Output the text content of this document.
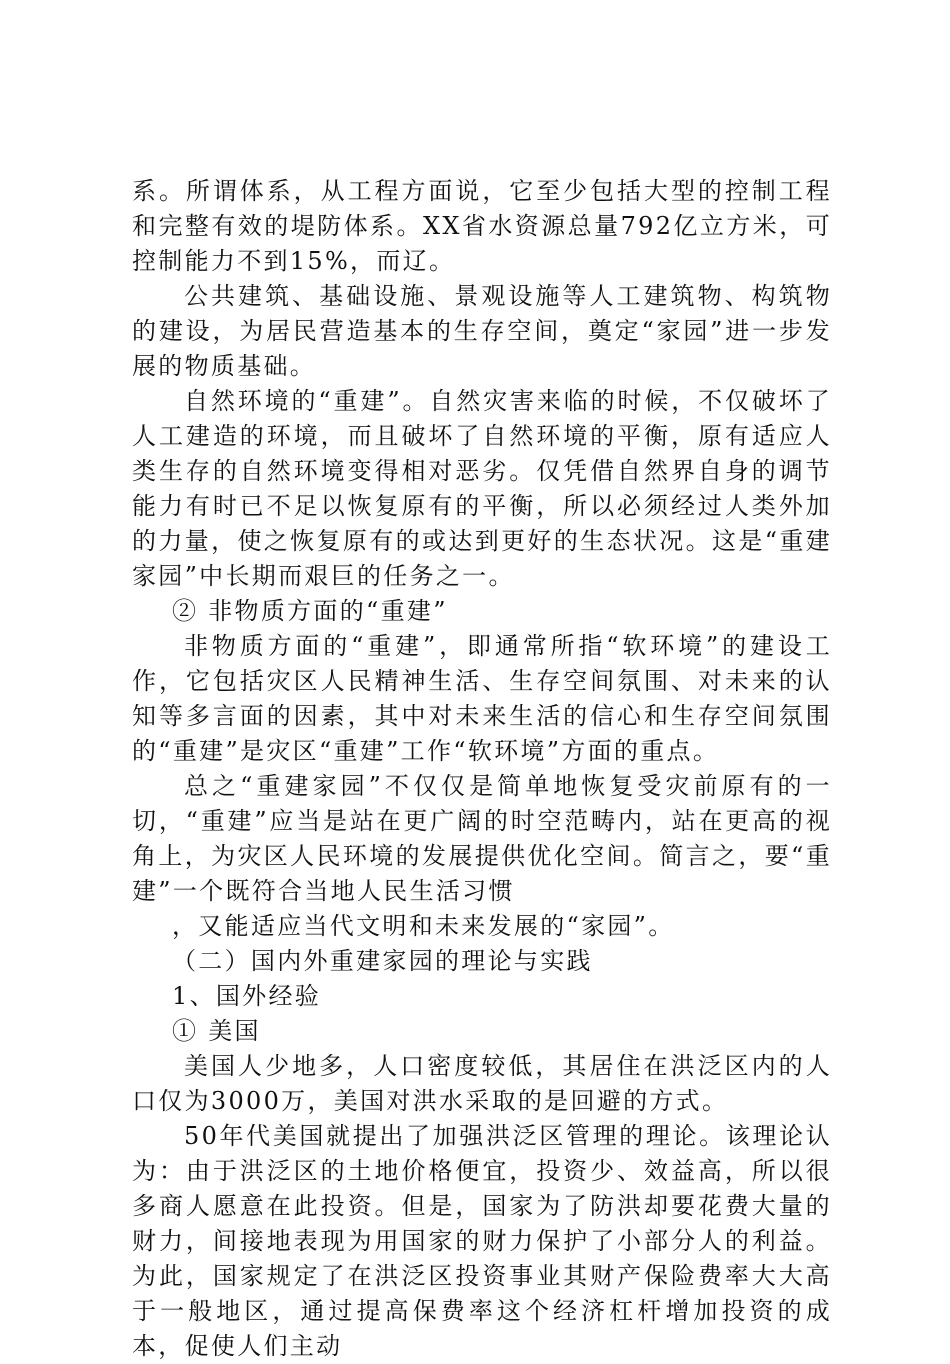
系。所谓体系，从工程方面说，它至少包括大型的控制工程和完整有效的堤防体系。XX省水资源总量792亿立方米，可控制能力不到15%，而辽。

公共建筑、基础设施、景观设施等人工建筑物、构筑物的建设，为居民营造基本的生存空间，奠定“家园”进一步发展的物质基础。

自然环境的“重建”。自然灾害来临的时候，不仅破坏了人工建造的环境，而且破坏了自然环境的平衡，原有适应人类生存的自然环境变得相对恶劣。仅凭借自然界自身的调节能力有时已不足以恢复原有的平衡，所以必须经过人类外加的力量，使之恢复原有的或达到更好的生态状况。这是“重建家园”中长期而艰巨的任务之一。

② 非物质方面的“重建”

非物质方面的“重建”，即通常所指“软环境”的建设工作，它包括灾区人民精神生活、生存空间氛围、对未来的认知等多言面的因素，其中对未来生活的信心和生存空间氛围的“重建”是灾区“重建”工作“软环境”方面的重点。

总之“重建家园”不仅仅是简单地恢复受灾前原有的一切，“重建”应当是站在更广阔的时空范畴内，站在更高的视角上，为灾区人民环境的发展提供优化空间。简言之，要“重建”一个既符合当地人民生活习惯

，又能适应当代文明和未来发展的“家园”。

（二）国内外重建家园的理论与实践

1、国外经验

① 美国

美国人少地多，人口密度较低，其居住在洪泛区内的人口仅为3000万，美国对洪水采取的是回避的方式。

50年代美国就提出了加强洪泛区管理的理论。该理论认为：由于洪泛区的土地价格便宜，投资少、效益高，所以很多商人愿意在此投资。但是，国家为了防洪却要花费大量的财力，间接地表现为用国家的财力保护了小部分人的利益。为此，国家规定了在洪泛区投资事业其财产保险费率大大高于一般地区，通过提高保费率这个经济杠杆增加投资的成本，促使人们主动
